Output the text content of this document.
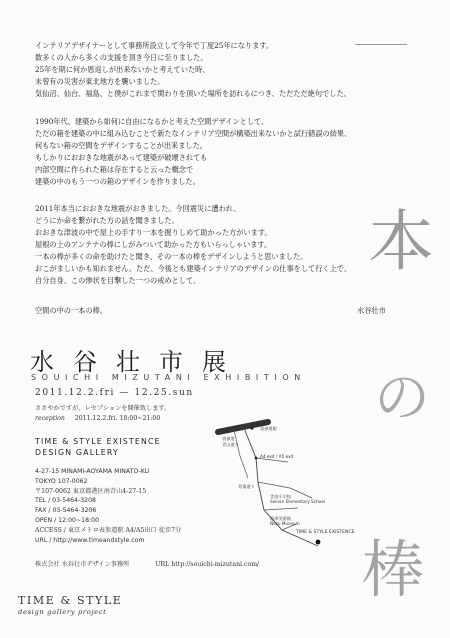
インテリアデザイナーとして事務所設立して今年で丁度25年になります。

数多くの人から多くの支援を頂き今日に至りました。

25年を期に何か恩返しが出来ないかと考えていた時、

未曾有の災害が東北地方を襲いました。

気仙沼、仙台、福島、と僕がこれまで関わりを頂いた場所を訪れるにつき、ただただ絶句でした。

1990年代、建築から如何に自由になるかと考えた空間デザインとして、

ただの箱を建築の中に組み込むことで新たなインテリア空間が構築出来ないかと試行錯誤の結果、

何もない箱の空間をデザインすることが出来ました。

もしかりにおおきな地震があって建築が破壊されても

内部空間に作られた箱は存在すると云った概念で

建築の中のもう一つの箱のデザインを作りました。

2011年本当におおきな地震がおきました。今回震災に遭われ、

どうにか命を繋がれた方の話を聞きました。

おおきな津波の中で屋上の手すり一本を握りしめて助かった方がいます。

屋根の上のアンテナの棒にしがみついて助かった方もいらっしゃいます。

一本の棒が多くの命を助けたと聞き、その一本の棒をデザインしようと思いました。

おこがましいかも知れません。ただ、今後とも建築インテリアのデザインの仕事をして行く上で、

自分自身、この惨状を目撃した一つの戒めとして。

空間の中の一本の棒。	水谷壮市

本
の
棒
水谷壮市展
SOUICHI MIZUTANI EXHIBITION
2011.12.2.fri — 12.25.sun
ささやかですが、レセプションを開催致します。
reception 2011.12.2.fri. 18:00~21:00
TIME & STYLE EXISTENCE
DESIGN GALLERY
4-27-15 MINAMI-AOYAMA MINATO-KU
TOKYO 107-0062
〒107-0062 東京都港区南青山4-27-15
TEL / 03-5464-3208
FAX / 03-5464-3206
OPEN / 12:00~18:00
ACCESS / 東京メトロ表参道駅 A4/A5出口 徒歩7分
URL / http://www.timeandstyle.com
表参道
青山通り
表参道駅
A4 exit / A5 exit
骨董通り
青南小学校
Seinan Elementary School
根津美術館
Nezu Museum
TIME & STYLE EXISTENCE
株式会社 水谷壮市デザイン事務所	URL http://souichi-mizutani.com/
TIME & STYLE
design gallery project
